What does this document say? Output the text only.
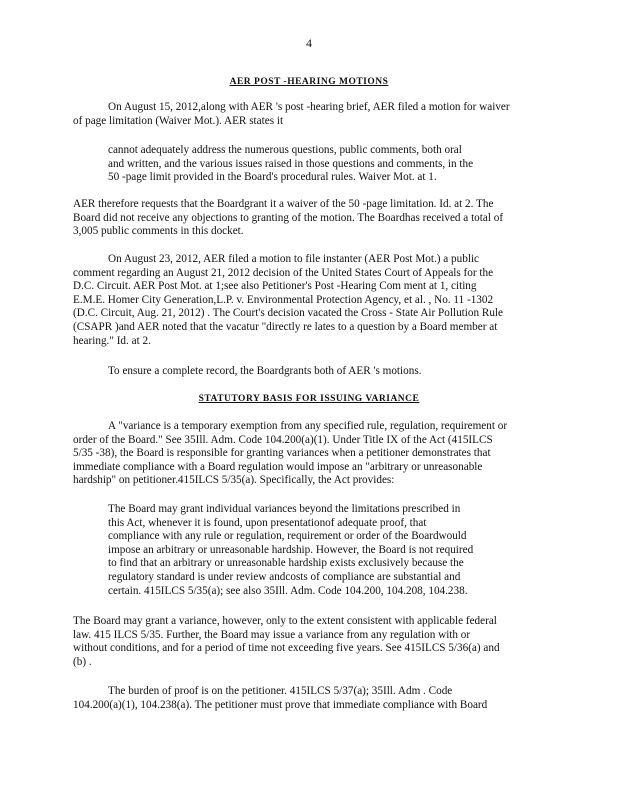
4
AER POST -HEARING MOTIONS
On August 15, 2012,along with AER 's post -hearing brief, AER filed a motion for waiver
of page limitation (Waiver Mot.). AER states it
cannot adequately address the numerous questions, public comments, both oral
and written, and the various issues raised in those questions and comments, in the
50 -page limit provided in the Board's procedural rules. Waiver Mot. at 1.
AER therefore requests that the Boardgrant it a waiver of the 50 -page limitation. Id. at 2. The
Board did not receive any objections to granting of the motion. The Boardhas received a total of
3,005 public comments in this docket.
On August 23, 2012, AER filed a motion to file instanter (AER Post Mot.) a public
comment regarding an August 21, 2012 decision of the United States Court of Appeals for the
D.C. Circuit. AER Post Mot. at 1;see also Petitioner's Post -Hearing Com ment at 1, citing
E.M.E. Homer City Generation,L.P. v. Environmental Protection Agency, et al. , No. 11 -1302
(D.C. Circuit, Aug. 21, 2012) . The Court's decision vacated the Cross - State Air Pollution Rule
(CSAPR )and AER noted that the vacatur "directly re lates to a question by a Board member at
hearing." Id. at 2.
To ensure a complete record, the Boardgrants both of AER 's motions.
STATUTORY BASIS FOR ISSUING VARIANCE
A "variance is a temporary exemption from any specified rule, regulation, requirement or
order of the Board." See 35Ill. Adm. Code 104.200(a)(1). Under Title IX of the Act (415ILCS
5/35 -38), the Board is responsible for granting variances when a petitioner demonstrates that
immediate compliance with a Board regulation would impose an "arbitrary or unreasonable
hardship" on petitioner.415ILCS 5/35(a). Specifically, the Act provides:
The Board may grant individual variances beyond the limitations prescribed in
this Act, whenever it is found, upon presentationof adequate proof, that
compliance with any rule or regulation, requirement or order of the Boardwould
impose an arbitrary or unreasonable hardship. However, the Board is not required
to find that an arbitrary or unreasonable hardship exists exclusively because the
regulatory standard is under review andcosts of compliance are substantial and
certain. 415ILCS 5/35(a); see also 35Ill. Adm. Code 104.200, 104.208, 104.238.
The Board may grant a variance, however, only to the extent consistent with applicable federal
law. 415 ILCS 5/35. Further, the Board may issue a variance from any regulation with or
without conditions, and for a period of time not exceeding five years. See 415ILCS 5/36(a) and
(b) .
The burden of proof is on the petitioner. 415ILCS 5/37(a); 35Ill. Adm . Code
104.200(a)(1), 104.238(a). The petitioner must prove that immediate compliance with Board
